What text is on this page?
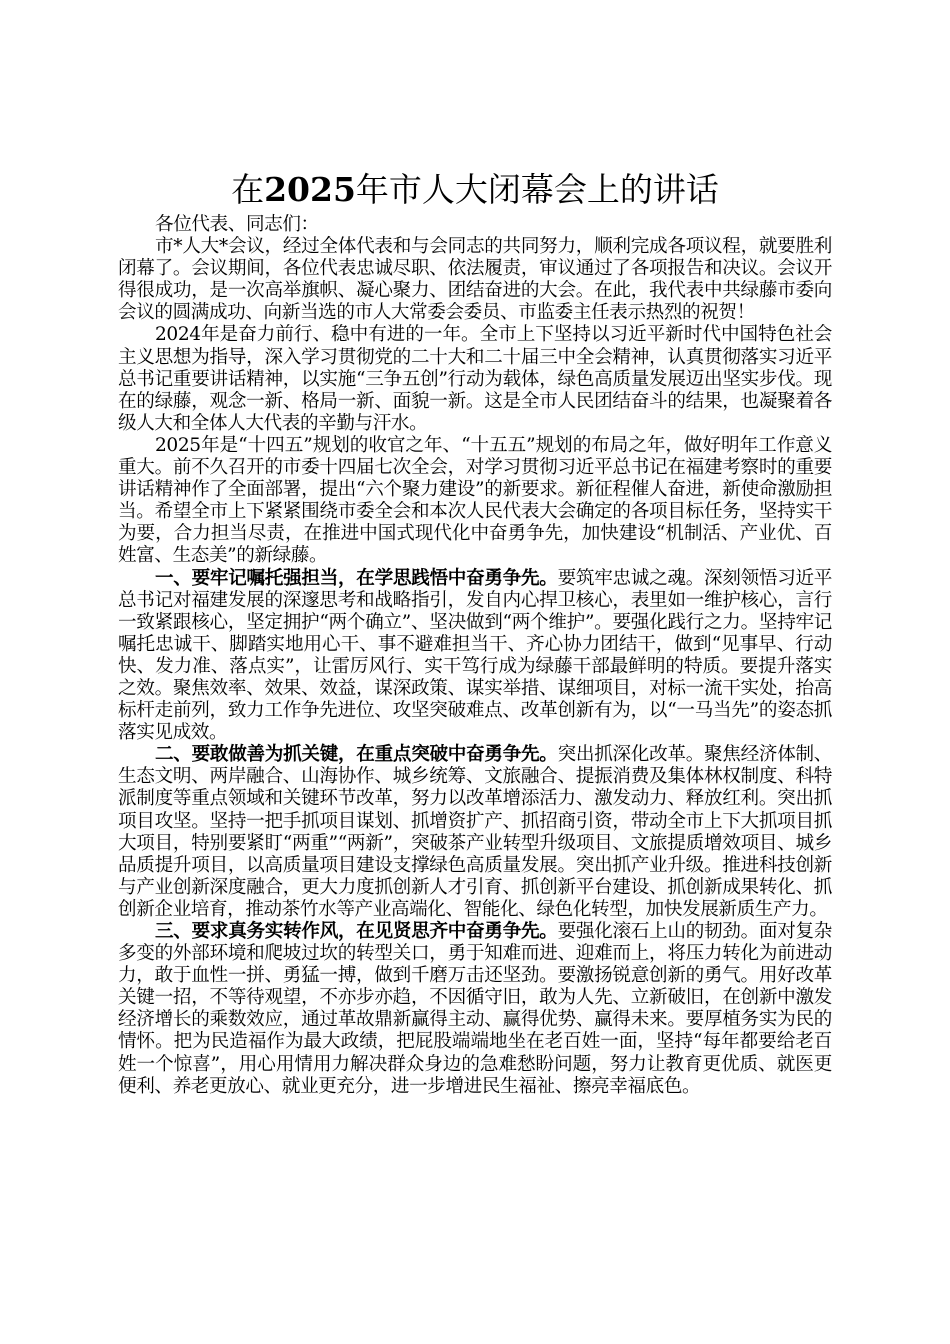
在2025年市人大闭幕会上的讲话

各位代表、同志们：

市*人大*会议，经过全体代表和与会同志的共同努力，顺利完成各项议程，就要胜利闭幕了。会议期间，各位代表忠诚尽职、依法履责，审议通过了各项报告和决议。会议开得很成功，是一次高举旗帜、凝心聚力、团结奋进的大会。在此，我代表中共绿藤市委向会议的圆满成功、向新当选的市人大常委会委员、市监委主任表示热烈的祝贺！

2024年是奋力前行、稳中有进的一年。全市上下坚持以习近平新时代中国特色社会主义思想为指导，深入学习贯彻党的二十大和二十届三中全会精神，认真贯彻落实习近平总书记重要讲话精神，以实施“三争五创”行动为载体，绿色高质量发展迈出坚实步伐。现在的绿藤，观念一新、格局一新、面貌一新。这是全市人民团结奋斗的结果，也凝聚着各级人大和全体人大代表的辛勤与汗水。

2025年是“十四五”规划的收官之年、“十五五”规划的布局之年，做好明年工作意义重大。前不久召开的市委十四届七次全会，对学习贯彻习近平总书记在福建考察时的重要讲话精神作了全面部署，提出“六个聚力建设”的新要求。新征程催人奋进，新使命激励担当。希望全市上下紧紧围绕市委全会和本次人民代表大会确定的各项目标任务，坚持实干为要，合力担当尽责，在推进中国式现代化中奋勇争先，加快建设“机制活、产业优、百姓富、生态美”的新绿藤。

一、要牢记嘱托强担当，在学思践悟中奋勇争先。要筑牢忠诚之魂。深刻领悟习近平总书记对福建发展的深邃思考和战略指引，发自内心捍卫核心，表里如一维护核心，言行一致紧跟核心，坚定拥护“两个确立”、坚决做到“两个维护”。要强化践行之力。坚持牢记嘱托忠诚干、脚踏实地用心干、事不避难担当干、齐心协力团结干，做到“见事早、行动快、发力准、落点实”，让雷厉风行、实干笃行成为绿藤干部最鲜明的特质。要提升落实之效。聚焦效率、效果、效益，谋深政策、谋实举措、谋细项目，对标一流干实处，抬高标杆走前列，致力工作争先进位、攻坚突破难点、改革创新有为，以“一马当先”的姿态抓落实见成效。

二、要敢做善为抓关键，在重点突破中奋勇争先。突出抓深化改革。聚焦经济体制、生态文明、两岸融合、山海协作、城乡统筹、文旅融合、提振消费及集体林权制度、科特派制度等重点领域和关键环节改革，努力以改革增添活力、激发动力、释放红利。突出抓项目攻坚。坚持一把手抓项目谋划、抓增资扩产、抓招商引资，带动全市上下大抓项目抓大项目，特别要紧盯“两重”“两新”，突破茶产业转型升级项目、文旅提质增效项目、城乡品质提升项目，以高质量项目建设支撑绿色高质量发展。突出抓产业升级。推进科技创新与产业创新深度融合，更大力度抓创新人才引育、抓创新平台建设、抓创新成果转化、抓创新企业培育，推动茶竹水等产业高端化、智能化、绿色化转型，加快发展新质生产力。

三、要求真务实转作风，在见贤思齐中奋勇争先。要强化滚石上山的韧劲。面对复杂多变的外部环境和爬坡过坎的转型关口，勇于知难而进、迎难而上，将压力转化为前进动力，敢于血性一拼、勇猛一搏，做到千磨万击还坚劲。要激扬锐意创新的勇气。用好改革关键一招，不等待观望，不亦步亦趋，不因循守旧，敢为人先、立新破旧，在创新中激发经济增长的乘数效应，通过革故鼎新赢得主动、赢得优势、赢得未来。要厚植务实为民的情怀。把为民造福作为最大政绩，把屁股端端地坐在老百姓一面，坚持“每年都要给老百姓一个惊喜”，用心用情用力解决群众身边的急难愁盼问题，努力让教育更优质、就医更便利、养老更放心、就业更充分，进一步增进民生福祉、擦亮幸福底色。
